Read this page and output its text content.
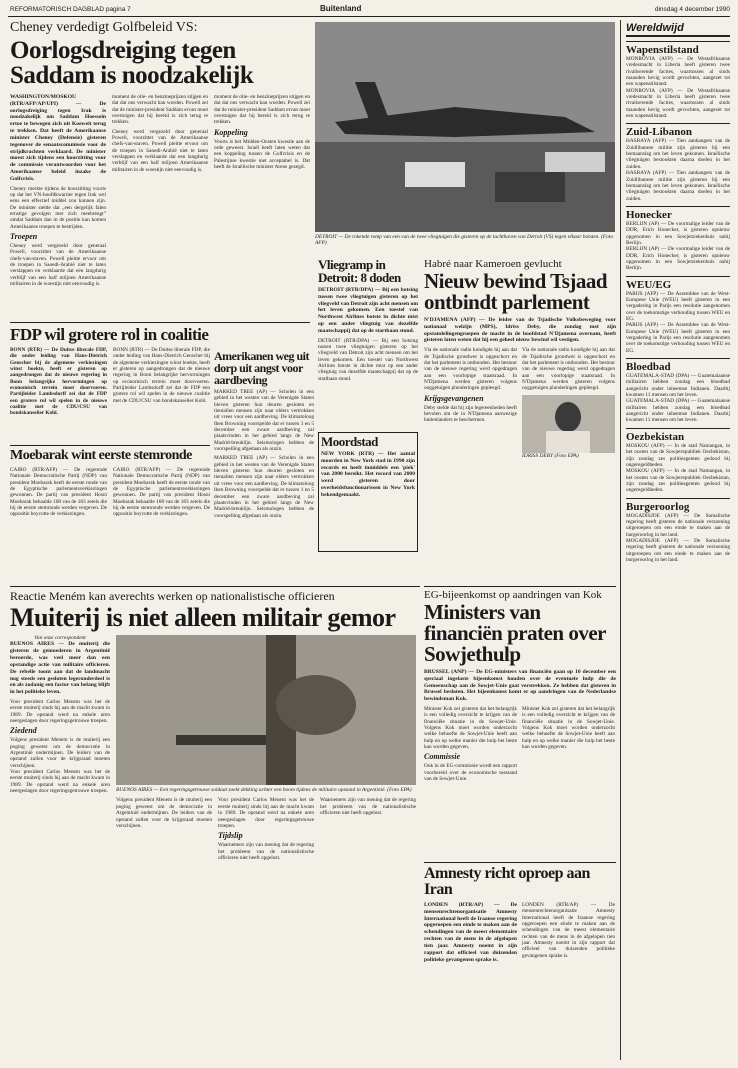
REFORMATORISCH DAGBLAD pagina 7	Buitenland	dinsdag 4 december 1990
Cheney verdedigt Golfbeleid VS:
Oorlogsdreiging tegen Saddam is noodzakelijk
WASHINGTON/MOSKOU (RTR/AFP/AP/UPI) — De oorlogsdreiging tegen Irak is noodzakelijk om Saddam Hoessein ertoe te bewegen zich uit Koeweit terug te trekken. Dat heeft de Amerikaanse minister Cheney (Defensie) gisteren tegenover de senaatscommissie voor de strijdkrachten verklaard. De minister moest zich tijdens een hoorzitting voor de commissie verantwoorden voor het Amerikaanse beleid inzake de Golfcrisis.
Cheney merkte tijdens de hoorzitting voorts op dat het VN-hoofdkwartier tegen Irak wel eens een effectief middel zou kunnen zijn. De minister stelde dat „een dergelijk falen ernstige gevolgen met zich meebrengt” omdat Saddam dan in de positie kan komen Amerikaanse troepen te bestrijden.
Troepen
Cheney werd vergezeld door generaal Powell, voorzitter van de Amerikaanse chefs-van-staven. Powell pleitte ervoor om de troepen in Saoedi-Arabië niet te laten verslappen en verklaarde dat een langdurig verblijf van een half miljoen Amerikaanse militairen in de woestijn niet eenvoudig is.
moment de olie- en benzineprijzen stijgen en dat dat ons verwacht kan worden. Powell zei dat de minister-president Saddam ervan moet overtuigen dat hij bereid is zich terug te trekken.
Cheney werd vergezeld door generaal Powell, voorzitter van de Amerikaanse chefs-van-staven. Powell pleitte ervoor om de troepen in Saoedi-Arabië niet te laten verslappen en verklaarde dat een langdurig verblijf van een half miljoen Amerikaanse militairen in de woestijn niet eenvoudig is.
moment de olie- en benzineprijzen stijgen en dat dat ons verwacht kan worden. Powell zei dat de minister-president Saddam ervan moet overtuigen dat hij bereid is zich terug te trekken.
Koppeling
Voorts is het Midden-Oosten kwestie aan de orde geweest. Israël heeft laten weten dat een koppeling tussen de Golfcrisis en de Palestijnse kwestie niet acceptabel is. Dat heeft de Israëlische minister Arens gezegd.
DETROIT — De rokende romp van een van de twee vliegtuigen die gisteren op de luchthaven van Detroit (VS) tegen elkaar botsten. (Foto AFP)
Wereldwijd
Wapenstilstand
MONROVIA (AFP) — De Westafrikaanse vredesmacht in Liberia heeft gisteren twee rivaliserende facties, waartussen al sinds maanden hevig wordt gevochten, aangezet tot een wapenstilstand.
MONROVIA (AFP) — De Westafrikaanse vredesmacht in Liberia heeft gisteren twee rivaliserende facties, waartussen al sinds maanden hevig wordt gevochten, aangezet tot een wapenstilstand.
Zuid-Libanon
HASBAYA (AFP) — Tien aanhangers van de Zuidlibanese militie zijn gisteren bij een bomaanslag om het leven gekomen. Israëlische vliegtuigen bestookten daarna doelen in het zuiden.
HASBAYA (AFP) — Tien aanhangers van de Zuidlibanese militie zijn gisteren bij een bomaanslag om het leven gekomen. Israëlische vliegtuigen bestookten daarna doelen in het zuiden.
Honecker
BERLIJN (AP) — De voormalige leider van de DDR, Erich Honecker, is gisteren opnieuw opgenomen in een Sowjetziekenhuis nabij Berlijn.
BERLIJN (AP) — De voormalige leider van de DDR, Erich Honecker, is gisteren opnieuw opgenomen in een Sowjetziekenhuis nabij Berlijn.
WEU/EG
PARIJS (AFP) — De Assemblee van de West-Europese Unie (WEU) heeft gisteren in een vergadering in Parijs een resolutie aangenomen over de toekomstige verhouding tussen WEU en EG.
PARIJS (AFP) — De Assemblee van de West-Europese Unie (WEU) heeft gisteren in een vergadering in Parijs een resolutie aangenomen over de toekomstige verhouding tussen WEU en EG.
Bloedbad
GUATEMALA-STAD (DPA) — Guatemalaanse militairen hebben zondag een bloedbad aangericht onder inheemse Indianen. Daarbij kwamen 11 mensen om het leven.
GUATEMALA-STAD (DPA) — Guatemalaanse militairen hebben zondag een bloedbad aangericht onder inheemse Indianen. Daarbij kwamen 11 mensen om het leven.
Oezbekistan
MOSKOU (AFP) — In de stad Namangan, in het oosten van de Sowjetrepubliek Oezbekistan, zijn zondag zes politieagenten gedood bij ongeregeldheden.
MOSKOU (AFP) — In de stad Namangan, in het oosten van de Sowjetrepubliek Oezbekistan, zijn zondag zes politieagenten gedood bij ongeregeldheden.
Burgeroorlog
MOGADISJOE (AFP) — De Somalische regering heeft gisteren de nationale verzoening uitgeroepen om een einde te maken aan de burgeroorlog in het land.
MOGADISJOE (AFP) — De Somalische regering heeft gisteren de nationale verzoening uitgeroepen om een einde te maken aan de burgeroorlog in het land.
FDP wil grotere rol in coalitie
BONN (RTR) — De Duitse liberale FDP, die onder leiding van Hans-Dietrich Genscher bij de algemene verkiezingen winst boekte, heeft er gisteren op aangedrongen dat de nieuwe regering in Bonn belangrijke hervormingen op economisch terrein moet doorvoeren. Partijleider Lambsdorff zei dat de FDP een grotere rol wil spelen in de nieuwe coalitie met de CDU/CSU van bondskanselier Kohl.
BONN (RTR) — De Duitse liberale FDP, die onder leiding van Hans-Dietrich Genscher bij de algemene verkiezingen winst boekte, heeft er gisteren op aangedrongen dat de nieuwe regering in Bonn belangrijke hervormingen op economisch terrein moet doorvoeren. Partijleider Lambsdorff zei dat de FDP een grotere rol wil spelen in de nieuwe coalitie met de CDU/CSU van bondskanselier Kohl.
Amerikanen weg uit dorp uit angst voor aardbeving
MARKED TREE (AP) — Scholen in een gebied in het westen van de Verenigde Staten bleven gisteren hun deuren gesloten en tientallen mensen zijn naar elders vertrokken uit vrees voor een aardbeving. De klimatoloog Iben Browning voorspelde dat er tussen 1 en 5 december een zware aardbeving zal plaatsvinden in het gebied langs de New Madrid-breuklijn. Seismologen hebben de voorspelling afgedaan als onzin.
MARKED TREE (AP) — Scholen in een gebied in het westen van de Verenigde Staten bleven gisteren hun deuren gesloten en tientallen mensen zijn naar elders vertrokken uit vrees voor een aardbeving. De klimatoloog Iben Browning voorspelde dat er tussen 1 en 5 december een zware aardbeving zal plaatsvinden in het gebied langs de New Madrid-breuklijn. Seismologen hebben de voorspelling afgedaan als onzin.
Vliegramp in Detroit: 8 doden
DETROIT (RTR/DPA) — Bij een botsing tussen twee vliegtuigen gisteren op het vliegveld van Detroit zijn acht mensen om het leven gekomen. Een toestel van Northwest Airlines botste in dichte mist op een ander vliegtuig van dezelfde maatschappij dat op de startbaan stond.
DETROIT (RTR/DPA) — Bij een botsing tussen twee vliegtuigen gisteren op het vliegveld van Detroit zijn acht mensen om het leven gekomen. Een toestel van Northwest Airlines botste in dichte mist op een ander vliegtuig van dezelfde maatschappij dat op de startbaan stond.
Moordstad
NEW YORK (RTR) — Het aantal moorden in New York stad in 1990 zijn records en heeft inmiddels een 'piek' van 2000 bereikt. Het record van 2000 werd gisteren door overheidsfunctionarissen in New York bekendgemaakt.
Moebarak wint eerste stemronde
CAIRO (RTR/AFP) — De regerende Nationale Democratische Partij (NDP) van president Moebarak heeft de eerste ronde van de Egyptische parlementsverkiezingen gewonnen. De partij van president Hosni Moebarak behaalde 168 van de 183 zetels die bij de eerste stemronde werden vergeven. De oppositie boycotte de verkiezingen.
CAIRO (RTR/AFP) — De regerende Nationale Democratische Partij (NDP) van president Moebarak heeft de eerste ronde van de Egyptische parlementsverkiezingen gewonnen. De partij van president Hosni Moebarak behaalde 168 van de 183 zetels die bij de eerste stemronde werden vergeven. De oppositie boycotte de verkiezingen.
Habré naar Kameroen gevlucht
Nieuw bewind Tsjaad ontbindt parlement
N'DJAMENA (AFP) — De leider van de Tsjadische Volksbeweging voor nationaal welzijn (MPS), Idriss Deby, die zondag met zijn opstandelingengroepen de macht in de hoofdstad N'Djamena overnam, heeft gisteren laten weten dat hij een geheel nieuw bewind wil vestigen.
Via de nationale radio kondigde hij aan dat de Tsjadische grondwet is opgeschort en dat het parlement is ontbonden. Het bestuur van de nieuwe regering werd opgedragen aan een voorlopige staatsraad. In N'Djamena werden gisteren volgens ooggetuigen plunderingen gepleegd.
Krijgsgevangenen
Deby stelde dat hij zijn legereenheden heeft bevolen om de in N'Djamena aanwezige buitenlanders te beschermen.
Via de nationale radio kondigde hij aan dat de Tsjadische grondwet is opgeschort en dat het parlement is ontbonden. Het bestuur van de nieuwe regering werd opgedragen aan een voorlopige staatsraad. In N'Djamena werden gisteren volgens ooggetuigen plunderingen gepleegd.
IDRISS DEBY (Foto EPA)
Reactie Meném kan averechts werken op nationalistische officieren
Muiterij is niet alleen militair gemor
Van onze correspondent
BUENOS AIRES — De muiterij die gisteren de gemoederen in Argentinië beroerde, was veel meer dan een opstandige actie van militaire officieren. De rebelle toont aan dat de landmacht nog steeds een gesloten legeronderdeel is en als zodanig een factor van belang blijft in het politieke leven.
Voor president Carlos Menem was het de eerste muiterij sinds hij aan de macht kwam in 1989. De opstand werd na enkele uren neergeslagen door regeringsgetrouwe troepen.
Ziedend
Volgens president Menem is de muiterij een poging geweest om de democratie in Argentinië ondermijnen. De leiders van de opstand zullen voor de krijgsraad moeten verschijnen.
Voor president Carlos Menem was het de eerste muiterij sinds hij aan de macht kwam in 1989. De opstand werd na enkele uren neergeslagen door regeringsgetrouwe troepen.	BUENOS AIRES — Een regeringsgetrouwe soldaat zoekt dekking achter een boom tijdens de militaire opstand in Argentinië. (Foto EPA)
Volgens president Menem is de muiterij een poging geweest om de democratie in Argentinië ondermijnen. De leiders van de opstand zullen voor de krijgsraad moeten verschijnen.
Voor president Carlos Menem was het de eerste muiterij sinds hij aan de macht kwam in 1989. De opstand werd na enkele uren neergeslagen door regeringsgetrouwe troepen.
Tijdslip
Waarnemers zijn van mening dat de regering het probleem van de nationalistische officieren niet heeft opgelost.
Waarnemers zijn van mening dat de regering het probleem van de nationalistische officieren niet heeft opgelost.
EG-bijeenkomst op aandringen van Kok
Ministers van financiën praten over Sowjethulp
BRUSSEL (ANP) — De EG-ministers van financiën gaan op 10 december een speciaal ingelaste bijeenkomst houden over de eventuele hulp die de Gemeenschap aan de Sowjet-Unie gaat verstrekken. Ze hebben dat gisteren in Brussel besloten. Het bijeenkomst komt er op aandringen van de Nederlandse bewindsman Kok.
Minister Kok zei gisteren dat het belangrijk is een volledig overzicht te krijgen van de financiële situatie in de Sowjet-Unie. Volgens Kok moet worden onderzocht welke behoefte de Sowjet-Unie heeft aan hulp en op welke manier die hulp het beste kan worden gegeven.
Commissie
Ook in de EG-commissie wordt een rapport voorbereid over de economische toestand van de Sowjet-Unie.
Minister Kok zei gisteren dat het belangrijk is een volledig overzicht te krijgen van de financiële situatie in de Sowjet-Unie. Volgens Kok moet worden onderzocht welke behoefte de Sowjet-Unie heeft aan hulp en op welke manier die hulp het beste kan worden gegeven.
Amnesty richt oproep aan Iran
LONDEN (RTR/AP) — De mensenrechtenorganisatie Amnesty International heeft de Iraanse regering opgeroepen een einde te maken aan de schendingen van de meest elementaire rechten van de mens in de afgelopen tien jaar. Amnesty noemt in zijn rapport dat officieel van duizenden politieke gevangenen sprake is.
LONDEN (RTR/AP) — De mensenrechtenorganisatie Amnesty International heeft de Iraanse regering opgeroepen een einde te maken aan de schendingen van de meest elementaire rechten van de mens in de afgelopen tien jaar. Amnesty noemt in zijn rapport dat officieel van duizenden politieke gevangenen sprake is.
